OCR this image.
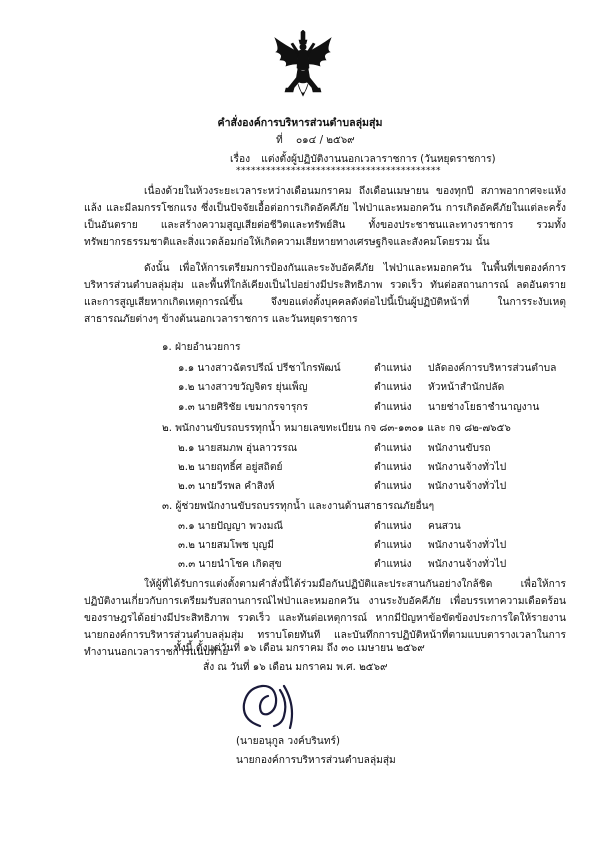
คำสั่งองค์การบริหารส่วนตำบลลุ่มสุ่ม
ที่ ๐๑๔ / ๒๕๖๙
เรื่อง แต่งตั้งผู้ปฏิบัติงานนอกเวลาราชการ (วันหยุดราชการ)
*****************************************
เนื่องด้วยในห้วงระยะเวลาระหว่างเดือนมกราคม ถึงเดือนเมษายน ของทุกปี สภาพอากาศจะแห้งแล้ง และมีลมกรรโชกแรง ซึ่งเป็นปัจจัยเอื้อต่อการเกิดอัคคีภัย ไฟป่าและหมอกควัน การเกิดอัคคีภัยในแต่ละครั้งเป็นอันตราย และสร้างความสูญเสียต่อชีวิตและทรัพย์สิน ทั้งของประชาชนและทางราชการ รวมทั้งทรัพยากรธรรมชาติและสิ่งแวดล้อมก่อให้เกิดความเสียหายทางเศรษฐกิจและสังคมโดยรวม นั้น
ดังนั้น เพื่อให้การเตรียมการป้องกันและระงับอัคคีภัย ไฟป่าและหมอกควัน ในพื้นที่เขตองค์การบริหารส่วนตำบลลุ่มสุ่ม และพื้นที่ใกล้เคียงเป็นไปอย่างมีประสิทธิภาพ รวดเร็ว ทันต่อสถานการณ์ ลดอันตราย และการสูญเสียหากเกิดเหตุการณ์ขึ้น จึงขอแต่งตั้งบุคคลดังต่อไปนี้เป็นผู้ปฏิบัติหน้าที่ ในการระงับเหตุสาธารณภัยต่างๆ ข้างต้นนอกเวลาราชการ และวันหยุดราชการ
๑. ฝ่ายอำนวยการ
๑.๑ นางสาวฉัตรปรีณ์ ปรีชาไกรพัฒน์	ตำแหน่ง ปลัดองค์การบริหารส่วนตำบล
๑.๒ นางสาวขวัญจิตร ยุ่นเพ็ญ	ตำแหน่ง หัวหน้าสำนักปลัด
๑.๓ นายศิริชัย เขมากรจารุกร	ตำแหน่ง นายช่างโยธาชำนาญงาน
๒. พนักงานขับรถบรรทุกน้ำ หมายเลขทะเบียน กจ ๘๓-๑๓๐๑ และ กจ ๘๒-๗๖๕๖
๒.๑ นายสมภพ อุ่นลาวรรณ	ตำแหน่ง พนักงานขับรถ
๒.๒ นายฤทธิ์ศ อยู่สถิตย์	ตำแหน่ง พนักงานจ้างทั่วไป
๒.๓ นายวีรพล คำสิงห์	ตำแหน่ง พนักงานจ้างทั่วไป
๓. ผู้ช่วยพนักงานขับรถบรรทุกน้ำ และงานด้านสาธารณภัยอื่นๆ
๓.๑ นายปัญญา พวงมณี	ตำแหน่ง คนสวน
๓.๒ นายสมโพช บุญมี	ตำแหน่ง พนักงานจ้างทั่วไป
๓.๓ นายนำโชค เกิดสุข	ตำแหน่ง พนักงานจ้างทั่วไป
ให้ผู้ที่ได้รับการแต่งตั้งตามคำสั่งนี้ได้ร่วมมือกันปฏิบัติและประสานกันอย่างใกล้ชิด เพื่อให้การปฏิบัติงานเกี่ยวกับการเตรียมรับสถานการณ์ไฟป่าและหมอกควัน งานระงับอัคคีภัย เพื่อบรรเทาความเดือดร้อนของราษฎรได้อย่างมีประสิทธิภาพ รวดเร็ว และทันต่อเหตุการณ์ หากมีปัญหาข้อขัดข้องประการใดให้รายงานนายกองค์การบริหารส่วนตำบลลุ่มสุ่ม ทราบโดยทันที และบันทึกการปฏิบัติหน้าที่ตามแบบตารางเวลาในการทำงานนอกเวลาราชการแนบท้าย
ทั้งนี้ ตั้งแต่วันที่ ๑๖ เดือน มกราคม ถึง ๓๐ เมษายน ๒๕๖๙
สั่ง ณ วันที่ ๑๖ เดือน มกราคม พ.ศ. ๒๕๖๙
(นายอนุกูล วงค์บรินทร์)
นายกองค์การบริหารส่วนตำบลลุ่มสุ่ม
